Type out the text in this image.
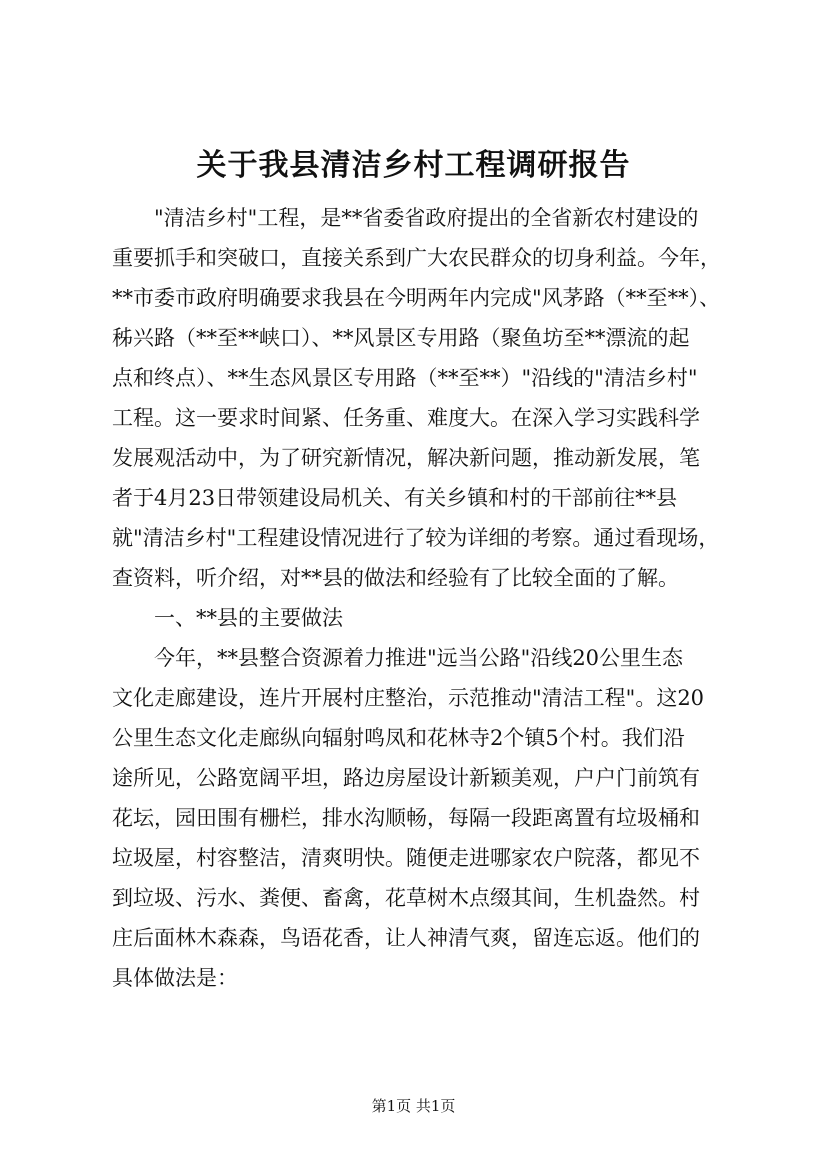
关于我县清洁乡村工程调研报告
"清洁乡村"工程，是**省委省政府提出的全省新农村建设的
重要抓手和突破口，直接关系到广大农民群众的切身利益。今年，
**市委市政府明确要求我县在今明两年内完成"风茅路（**至**）、
秭兴路（**至**峡口）、**风景区专用路（聚鱼坊至**漂流的起
点和终点）、**生态风景区专用路（**至**）"沿线的"清洁乡村"
工程。这一要求时间紧、任务重、难度大。在深入学习实践科学
发展观活动中，为了研究新情况，解决新问题，推动新发展，笔
者于4月23日带领建设局机关、有关乡镇和村的干部前往**县
就"清洁乡村"工程建设情况进行了较为详细的考察。通过看现场，
查资料，听介绍，对**县的做法和经验有了比较全面的了解。
一、**县的主要做法
今年，**县整合资源着力推进"远当公路"沿线20公里生态
文化走廊建设，连片开展村庄整治，示范推动"清洁工程"。这20
公里生态文化走廊纵向辐射鸣凤和花林寺2个镇5个村。我们沿
途所见，公路宽阔平坦，路边房屋设计新颖美观，户户门前筑有
花坛，园田围有栅栏，排水沟顺畅，每隔一段距离置有垃圾桶和
垃圾屋，村容整洁，清爽明快。随便走进哪家农户院落，都见不
到垃圾、污水、粪便、畜禽，花草树木点缀其间，生机盎然。村
庄后面林木森森，鸟语花香，让人神清气爽，留连忘返。他们的
具体做法是：
第1页 共1页
